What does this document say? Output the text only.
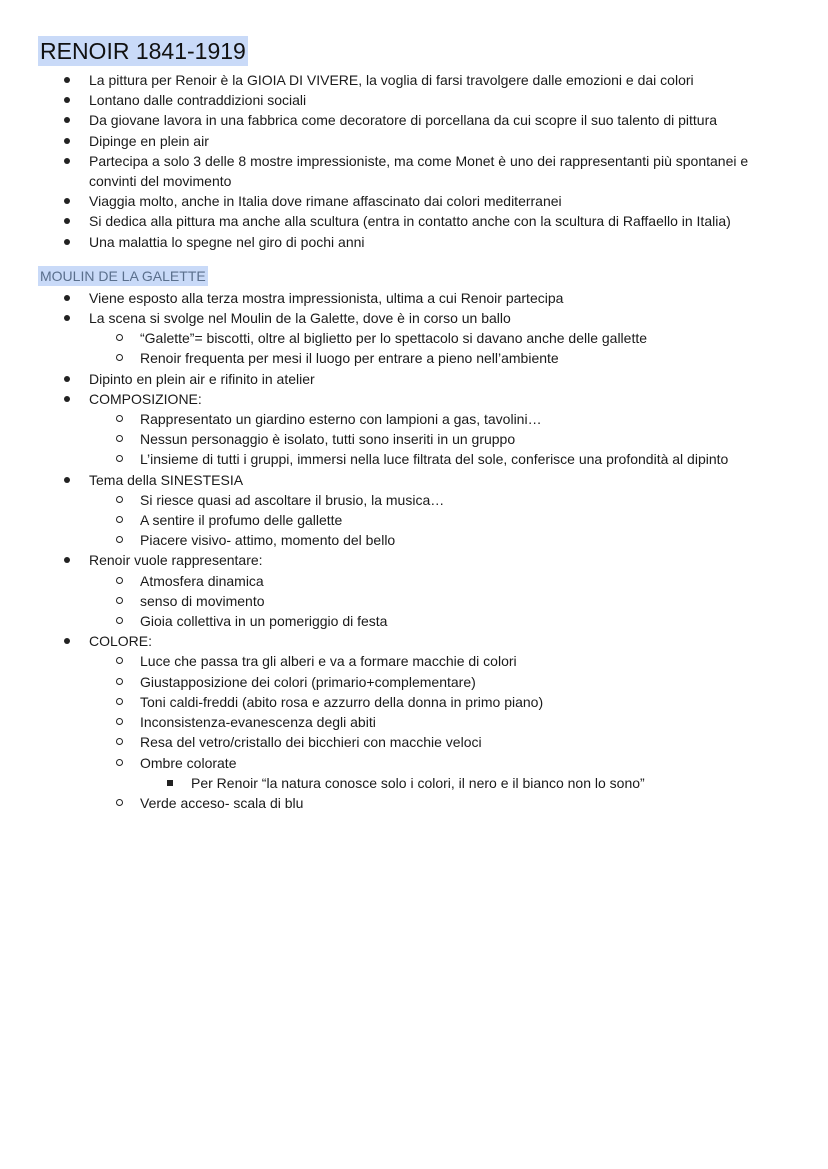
RENOIR 1841-1919
La pittura per Renoir è la GIOIA DI VIVERE, la voglia di farsi travolgere dalle emozioni e dai colori
Lontano dalle contraddizioni sociali
Da giovane lavora in una fabbrica come decoratore di porcellana da cui scopre il suo talento di pittura
Dipinge en plein air
Partecipa a solo 3 delle 8 mostre impressioniste, ma come Monet è uno dei rappresentanti più spontanei e convinti del movimento
Viaggia molto, anche in Italia dove rimane affascinato dai colori mediterranei
Si dedica alla pittura ma anche alla scultura (entra in contatto anche con la scultura di Raffaello in Italia)
Una malattia lo spegne nel giro di pochi anni
MOULIN DE LA GALETTE
Viene esposto alla terza mostra impressionista, ultima a cui Renoir partecipa
La scena si svolge nel Moulin de la Galette, dove è in corso un ballo
“Galette”= biscotti, oltre al biglietto per lo spettacolo si davano anche delle gallette
Renoir frequenta per mesi il luogo per entrare a pieno nell’ambiente
Dipinto en plein air e rifinito in atelier
COMPOSIZIONE:
Rappresentato un giardino esterno con lampioni a gas, tavolini…
Nessun personaggio è isolato, tutti sono inseriti in un gruppo
L’insieme di tutti i gruppi, immersi nella luce filtrata del sole, conferisce una profondità al dipinto
Tema della SINESTESIA
Si riesce quasi ad ascoltare il brusio, la musica…
A sentire il profumo delle gallette
Piacere visivo- attimo, momento del bello
Renoir vuole rappresentare:
Atmosfera dinamica
senso di movimento
Gioia collettiva in un pomeriggio di festa
COLORE:
Luce che passa tra gli alberi e va a formare macchie di colori
Giustapposizione dei colori (primario+complementare)
Toni caldi-freddi (abito rosa e azzurro della donna in primo piano)
Inconsistenza-evanescenza degli abiti
Resa del vetro/cristallo dei bicchieri con macchie veloci
Ombre colorate
Per Renoir “la natura conosce solo i colori, il nero e il bianco non lo sono”
Verde acceso- scala di blu
